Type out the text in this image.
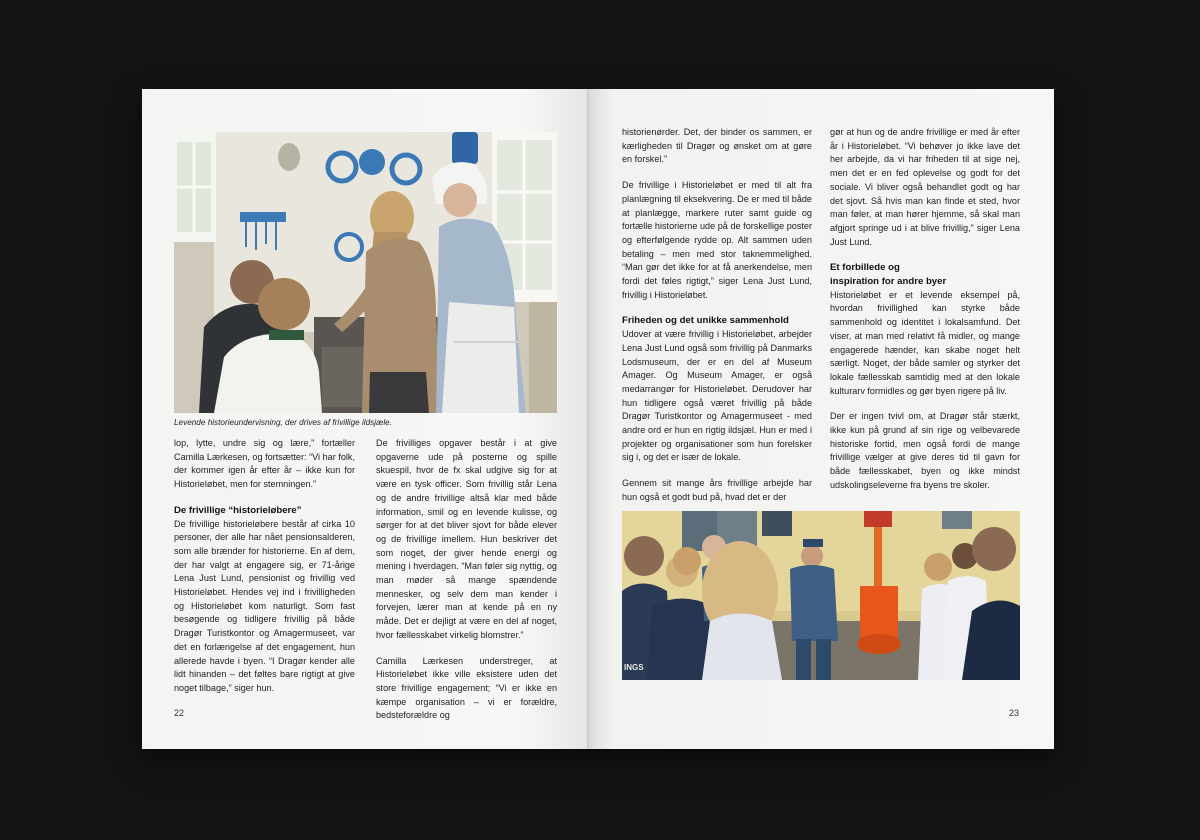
Levende historieundervisning, der drives af frivillige ildsjæle.

lop, lytte, undre sig og lære,” fortæller Camilla Lærkesen, og fortsætter: “Vi har folk, der kommer igen år efter år – ikke kun for Historieløbet, men for stemningen.”

De frivillige “historieløbere”

De frivillige historieløbere består af cirka 10 personer, der alle har nået pensionsalderen, som alle brænder for historierne. En af dem, der har valgt at engagere sig, er 71-årige Lena Just Lund, pensionist og frivillig ved Historieløbet. Hendes vej ind i frivilligheden og Historieløbet kom naturligt. Som fast besøgende og tidligere frivillig på både Dragør Turistkontor og Amagermuseet, var det en forlængelse af det engagement, hun allerede havde i byen. “I Dragør kender alle lidt hinanden – det føltes bare rigtigt at give noget tilbage,” siger hun.

De frivilliges opgaver består i at give opgaverne ude på posterne og spille skuespil, hvor de fx skal udgive sig for at være en tysk officer. Som frivillig står Lena og de andre frivillige altså klar med både information, smil og en levende kulisse, og sørger for at det bliver sjovt for både elever og de frivillige imellem. Hun beskriver det som noget, der giver hende energi og mening i hverdagen. “Man føler sig nyttig, og man møder så mange spændende mennesker, og selv dem man kender i forvejen, lærer man at kende på en ny måde. Det er dejligt at være en del af noget, hvor fællesskabet virkelig blomstrer.”

Camilla Lærkesen understreger, at Historieløbet ikke ville eksistere uden det store frivillige engagement; “Vi er ikke en kæmpe organisation – vi er forældre, bedsteforældre og

22

historienørder. Det, der binder os sammen, er kærligheden til Dragør og ønsket om at gøre en forskel.”

De frivillige i Historieløbet er med til alt fra planlægning til eksekvering. De er med til både at planlægge, markere ruter samt guide og fortælle historierne ude på de forskellige poster og efterfølgende rydde op. Alt sammen uden betaling – men med stor taknemmelighed. “Man gør det ikke for at få anerkendelse, men fordi det føles rigtigt,” siger Lena Just Lund, frivillig i Historieløbet.

Friheden og det unikke sammenhold

Udover at være frivillig i Historieløbet, arbejder Lena Just Lund også som frivillig på Danmarks Lodsmuseum, der er en del af Museum Amager. Og Museum Amager, er også medarrangør for Historieløbet. Derudover har hun tidligere også været frivillig på både Dragør Turistkontor og Amagermuseet - med andre ord er hun en rigtig ildsjæl. Hun er med i projekter og organisationer som hun forelsker sig i, og det er især de lokale.

Gennem sit mange års frivillige arbejde har hun også et godt bud på, hvad det er der

gør at hun og de andre frivillige er med år efter år i Historieløbet. “Vi behøver jo ikke lave det her arbejde, da vi har friheden til at sige nej, men det er en fed oplevelse og godt for det sociale. Vi bliver også behandlet godt og har det sjovt. Så hvis man kan finde et sted, hvor man føler, at man hører hjemme, så skal man afgjort springe ud i at blive frivillig,” siger Lena Just Lund.

Et forbillede og
inspiration for andre byer

Historieløbet er et levende eksempel på, hvordan frivillighed kan styrke både sammenhold og identitet i lokalsamfund. Det viser, at man med relativt få midler, og mange engagerede hænder, kan skabe noget helt særligt. Noget, der både samler og styrker det lokale fællesskab samtidig med at den lokale kulturarv formidles og gør byen rigere på liv.

Der er ingen tvivl om, at Dragør står stærkt, ikke kun på grund af sin rige og velbevarede historiske fortid, men også fordi de mange frivillige vælger at give deres tid til gavn for både fællesskabet, byen og ikke mindst udskolingseleverne fra byens tre skoler.

INGS
23
